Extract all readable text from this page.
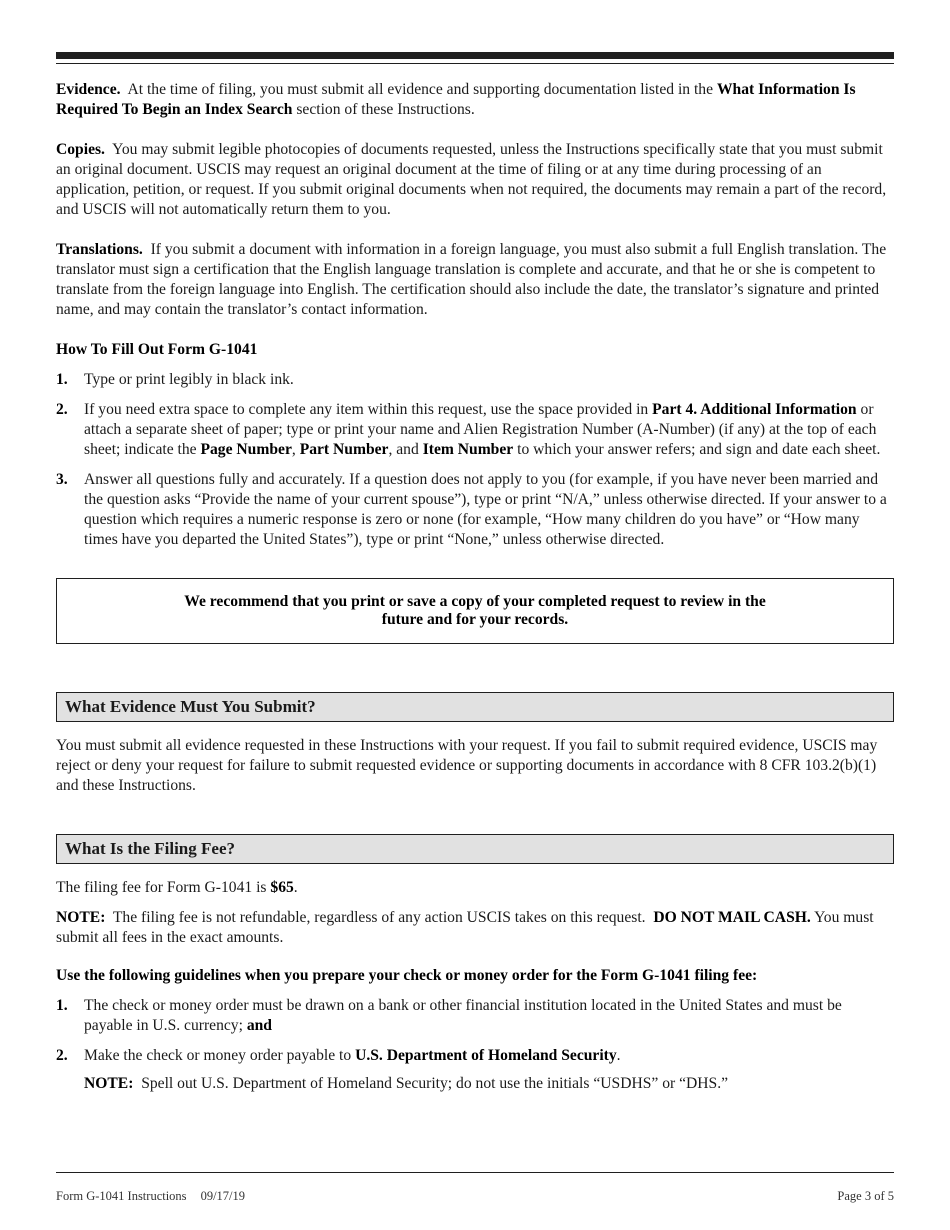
Evidence. At the time of filing, you must submit all evidence and supporting documentation listed in the What Information Is Required To Begin an Index Search section of these Instructions.

Copies. You may submit legible photocopies of documents requested, unless the Instructions specifically state that you must submit an original document. USCIS may request an original document at the time of filing or at any time during processing of an application, petition, or request. If you submit original documents when not required, the documents may remain a part of the record, and USCIS will not automatically return them to you.

Translations. If you submit a document with information in a foreign language, you must also submit a full English translation. The translator must sign a certification that the English language translation is complete and accurate, and that he or she is competent to translate from the foreign language into English. The certification should also include the date, the translator’s signature and printed name, and may contain the translator’s contact information.

How To Fill Out Form G-1041

1. Type or print legibly in black ink.
2. If you need extra space to complete any item within this request, use the space provided in Part 4. Additional Information or attach a separate sheet of paper; type or print your name and Alien Registration Number (A-Number) (if any) at the top of each sheet; indicate the Page Number, Part Number, and Item Number to which your answer refers; and sign and date each sheet.
3. Answer all questions fully and accurately. If a question does not apply to you (for example, if you have never been married and the question asks “Provide the name of your current spouse”), type or print “N/A,” unless otherwise directed. If your answer to a question which requires a numeric response is zero or none (for example, “How many children do you have” or “How many times have you departed the United States”), type or print “None,” unless otherwise directed.
We recommend that you print or save a copy of your completed request to review in the
future and for your records.
What Evidence Must You Submit?

You must submit all evidence requested in these Instructions with your request. If you fail to submit required evidence, USCIS may reject or deny your request for failure to submit requested evidence or supporting documents in accordance with 8 CFR 103.2(b)(1) and these Instructions.

What Is the Filing Fee?

The filing fee for Form G-1041 is $65.

NOTE: The filing fee is not refundable, regardless of any action USCIS takes on this request. DO NOT MAIL CASH. You must submit all fees in the exact amounts.

Use the following guidelines when you prepare your check or money order for the Form G-1041 filing fee:

1. The check or money order must be drawn on a bank or other financial institution located in the United States and must be payable in U.S. currency; and
2. Make the check or money order payable to U.S. Department of Homeland Security.

NOTE: Spell out U.S. Department of Homeland Security; do not use the initials “USDHS” or “DHS.”

Form G-1041 Instructions 09/17/19	Page 3 of 5
